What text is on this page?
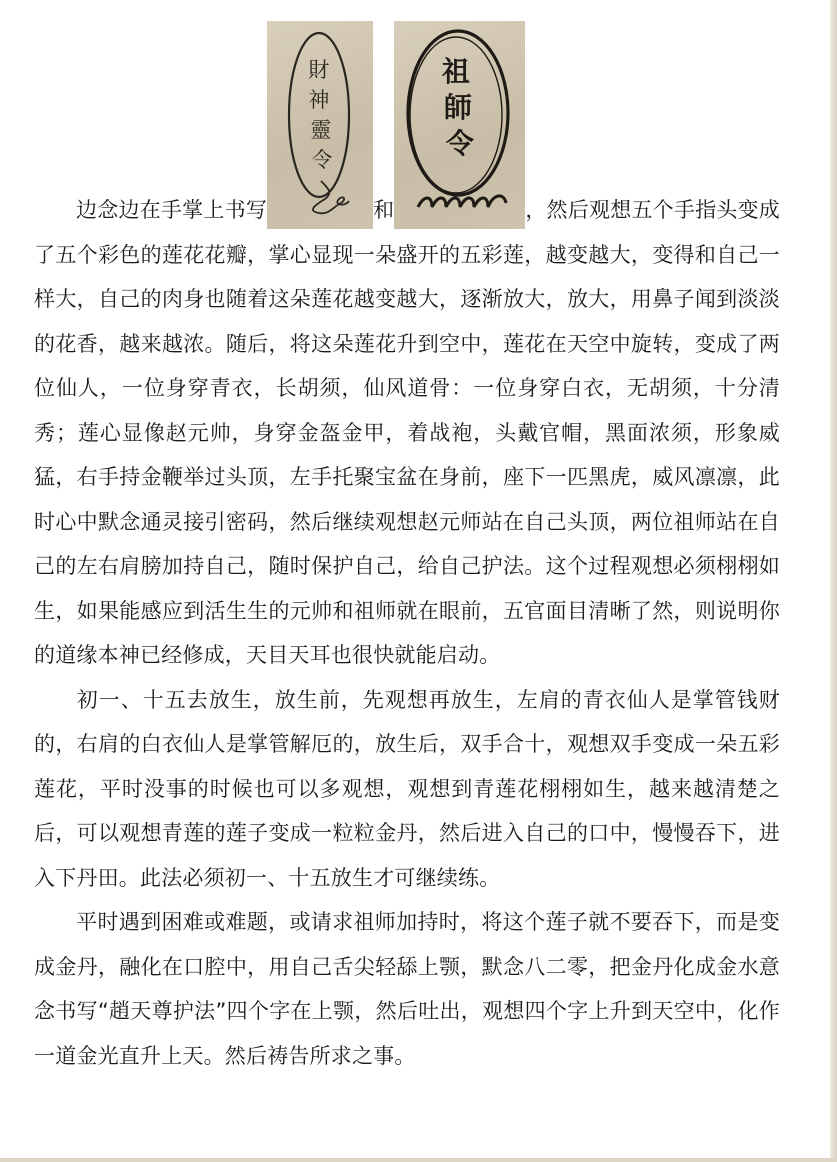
边念边在手掌上书写
財
神
靈
令
和
祖
師
令
，然后观想五个手指头变成了五个彩色的莲花花瓣，掌心显现一朵盛开的五彩莲，越变越大，变得和自己一样大，自己的肉身也随着这朵莲花越变越大，逐渐放大，放大，用鼻子闻到淡淡的花香，越来越浓。随后，将这朵莲花升到空中，莲花在天空中旋转，变成了两位仙人，一位身穿青衣，长胡须，仙风道骨：一位身穿白衣，无胡须，十分清秀；莲心显像赵元帅，身穿金盔金甲，着战袍，头戴官帽，黑面浓须，形象威猛，右手持金鞭举过头顶，左手托聚宝盆在身前，座下一匹黑虎，威风凛凛，此时心中默念通灵接引密码，然后继续观想赵元师站在自己头顶，两位祖师站在自己的左右肩膀加持自己，随时保护自己，给自己护法。这个过程观想必须栩栩如生，如果能感应到活生生的元帅和祖师就在眼前，五官面目清晰了然，则说明你的道缘本神已经修成，天目天耳也很快就能启动。

初一、十五去放生，放生前，先观想再放生，左肩的青衣仙人是掌管钱财的，右肩的白衣仙人是掌管解厄的，放生后，双手合十，观想双手变成一朵五彩莲花，平时没事的时候也可以多观想，观想到青莲花栩栩如生，越来越清楚之后，可以观想青莲的莲子变成一粒粒金丹，然后进入自己的口中，慢慢吞下，进入下丹田。此法必须初一、十五放生才可继续练。

平时遇到困难或难题，或请求祖师加持时，将这个莲子就不要吞下，而是变成金丹，融化在口腔中，用自己舌尖轻舔上颚，默念八二零，把金丹化成金水意念书写“趙天尊护法”四个字在上颚，然后吐出，观想四个字上升到天空中，化作一道金光直升上天。然后祷告所求之事。
